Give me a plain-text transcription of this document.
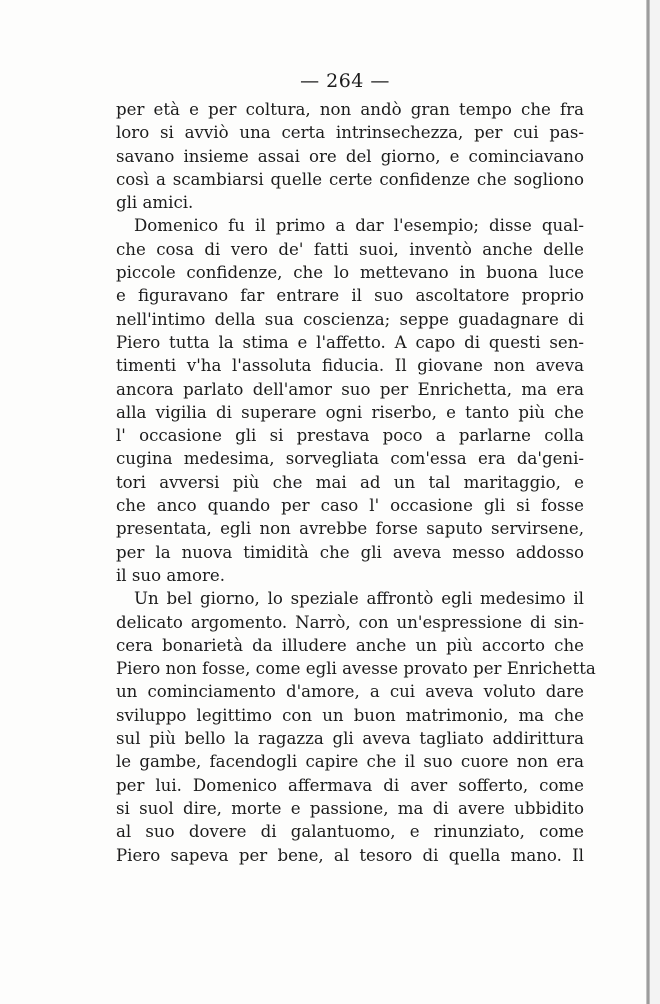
— 264 —
per età e per coltura, non andò gran tempo che fra
loro si avviò una certa intrinsechezza, per cui pas-
savano insieme assai ore del giorno, e cominciavano
così a scambiarsi quelle certe confidenze che sogliono
gli amici.
Domenico fu il primo a dar l'esempio; disse qual-
che cosa di vero de' fatti suoi, inventò anche delle
piccole confidenze, che lo mettevano in buona luce
e figuravano far entrare il suo ascoltatore proprio
nell'intimo della sua coscienza; seppe guadagnare di
Piero tutta la stima e l'affetto. A capo di questi sen-
timenti v'ha l'assoluta fiducia. Il giovane non aveva
ancora parlato dell'amor suo per Enrichetta, ma era
alla vigilia di superare ogni riserbo, e tanto più che
l' occasione gli si prestava poco a parlarne colla
cugina medesima, sorvegliata com'essa era da'geni-
tori avversi più che mai ad un tal maritaggio, e
che anco quando per caso l' occasione gli si fosse
presentata, egli non avrebbe forse saputo servirsene,
per la nuova timidità che gli aveva messo addosso
il suo amore.
Un bel giorno, lo speziale affrontò egli medesimo il
delicato argomento. Narrò, con un'espressione di sin-
cera bonarietà da illudere anche un più accorto che
Piero non fosse, come egli avesse provato per Enrichetta
un cominciamento d'amore, a cui aveva voluto dare
sviluppo legittimo con un buon matrimonio, ma che
sul più bello la ragazza gli aveva tagliato addirittura
le gambe, facendogli capire che il suo cuore non era
per lui. Domenico affermava di aver sofferto, come
si suol dire, morte e passione, ma di avere ubbidito
al suo dovere di galantuomo, e rinunziato, come
Piero sapeva per bene, al tesoro di quella mano. Il
